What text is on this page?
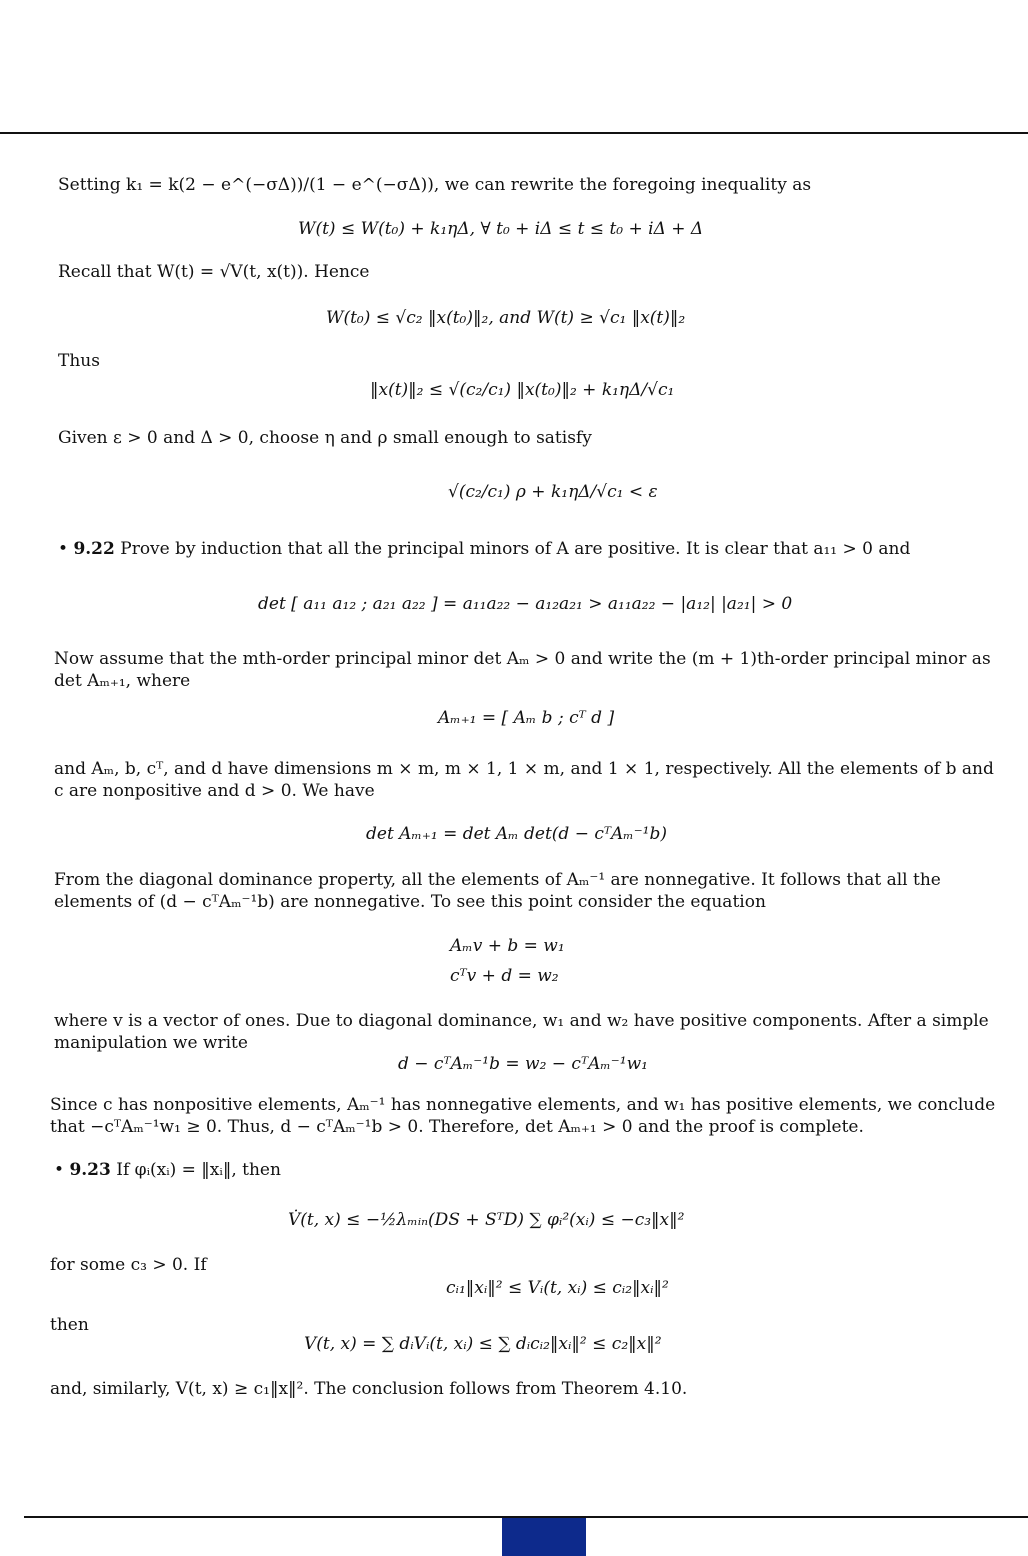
Setting k₁ = k(2 − e^(−σΔ))/(1 − e^(−σΔ)), we can rewrite the foregoing inequality as
W(t) ≤ W(t₀) + k₁ηΔ, ∀ t₀ + iΔ ≤ t ≤ t₀ + iΔ + Δ
Recall that W(t) = √V(t, x(t)). Hence
W(t₀) ≤ √c₂ ‖x(t₀)‖₂, and W(t) ≥ √c₁ ‖x(t)‖₂
Thus
‖x(t)‖₂ ≤ √(c₂/c₁) ‖x(t₀)‖₂ + k₁ηΔ/√c₁
Given ε > 0 and Δ > 0, choose η and ρ small enough to satisfy
√(c₂/c₁) ρ + k₁ηΔ/√c₁ < ε
• 9.22 Prove by induction that all the principal minors of A are positive. It is clear that a₁₁ > 0 and
det [ a₁₁ a₁₂ ; a₂₁ a₂₂ ] = a₁₁a₂₂ − a₁₂a₂₁ > a₁₁a₂₂ − |a₁₂| |a₂₁| > 0
Now assume that the mth-order principal minor det Aₘ > 0 and write the (m + 1)th-order principal minor as det Aₘ₊₁, where
Aₘ₊₁ = [ Aₘ b ; cᵀ d ]
and Aₘ, b, cᵀ, and d have dimensions m × m, m × 1, 1 × m, and 1 × 1, respectively. All the elements of b and c are nonpositive and d > 0. We have
det Aₘ₊₁ = det Aₘ det(d − cᵀAₘ⁻¹b)
From the diagonal dominance property, all the elements of Aₘ⁻¹ are nonnegative. It follows that all the elements of (d − cᵀAₘ⁻¹b) are nonnegative. To see this point consider the equation
Aₘv + b = w₁
cᵀv + d = w₂
where v is a vector of ones. Due to diagonal dominance, w₁ and w₂ have positive components. After a simple manipulation we write
d − cᵀAₘ⁻¹b = w₂ − cᵀAₘ⁻¹w₁
Since c has nonpositive elements, Aₘ⁻¹ has nonnegative elements, and w₁ has positive elements, we conclude that −cᵀAₘ⁻¹w₁ ≥ 0. Thus, d − cᵀAₘ⁻¹b > 0. Therefore, det Aₘ₊₁ > 0 and the proof is complete.
• 9.23 If φᵢ(xᵢ) = ‖xᵢ‖, then
V̇(t, x) ≤ −½λₘᵢₙ(DS + SᵀD) ∑ φᵢ²(xᵢ) ≤ −c₃‖x‖²
for some c₃ > 0. If
cᵢ₁‖xᵢ‖² ≤ Vᵢ(t, xᵢ) ≤ cᵢ₂‖xᵢ‖²
then
V(t, x) = ∑ dᵢVᵢ(t, xᵢ) ≤ ∑ dᵢcᵢ₂‖xᵢ‖² ≤ c₂‖x‖²
and, similarly, V(t, x) ≥ c₁‖x‖². The conclusion follows from Theorem 4.10.
